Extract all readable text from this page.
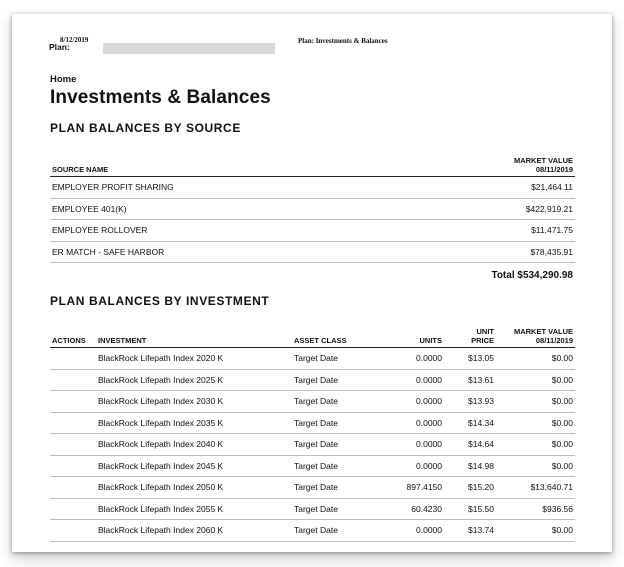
8/12/2019
Plan:
Plan: Investments & Balances
Home
Investments & Balances
PLAN BALANCES BY SOURCE
SOURCE NAME	MARKET VALUE
08/11/2019
EMPLOYER PROFIT SHARING	$21,464.11
EMPLOYEE 401(K)	$422,919.21
EMPLOYEE ROLLOVER	$11,471.75
ER MATCH - SAFE HARBOR	$78,435.91
	Total $534,290.98
PLAN BALANCES BY INVESTMENT
ACTIONS	INVESTMENT	ASSET CLASS	UNITS	UNIT
PRICE	MARKET VALUE
08/11/2019
	BlackRock Lifepath Index 2020 K	Target Date	0.0000	$13.05	$0.00
	BlackRock Lifepath Index 2025 K	Target Date	0.0000	$13.61	$0.00
	BlackRock Lifepath Index 2030 K	Target Date	0.0000	$13.93	$0.00
	BlackRock Lifepath Index 2035 K	Target Date	0.0000	$14.34	$0.00
	BlackRock Lifepath Index 2040 K	Target Date	0.0000	$14.64	$0.00
	BlackRock Lifepath Index 2045 K	Target Date	0.0000	$14.98	$0.00
	BlackRock Lifepath Index 2050 K	Target Date	897.4150	$15.20	$13,640.71
	BlackRock Lifepath Index 2055 K	Target Date	60.4230	$15.50	$936.56
	BlackRock Lifepath Index 2060 K	Target Date	0.0000	$13.74	$0.00
